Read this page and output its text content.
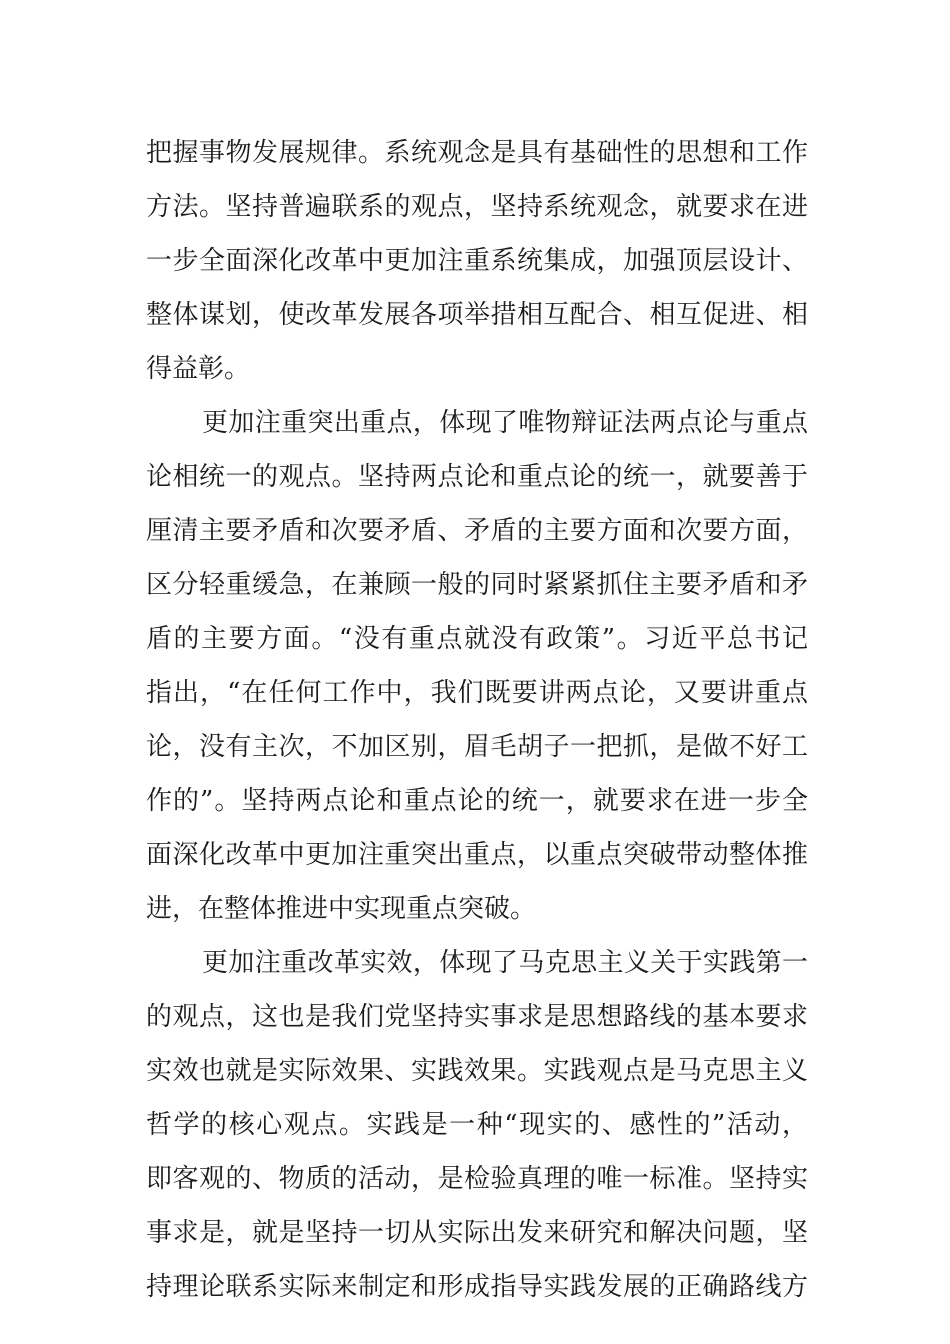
把握事物发展规律。系统观念是具有基础性的思想和工作
方法。坚持普遍联系的观点，坚持系统观念，就要求在进
一步全面深化改革中更加注重系统集成，加强顶层设计、
整体谋划，使改革发展各项举措相互配合、相互促进、相
得益彰。
更加注重突出重点，体现了唯物辩证法两点论与重点
论相统一的观点。坚持两点论和重点论的统一，就要善于
厘清主要矛盾和次要矛盾、矛盾的主要方面和次要方面，
区分轻重缓急，在兼顾一般的同时紧紧抓住主要矛盾和矛
盾的主要方面。“没有重点就没有政策”。习近平总书记
指出，“在任何工作中，我们既要讲两点论，又要讲重点
论，没有主次，不加区别，眉毛胡子一把抓，是做不好工
作的”。坚持两点论和重点论的统一，就要求在进一步全
面深化改革中更加注重突出重点，以重点突破带动整体推
进，在整体推进中实现重点突破。
更加注重改革实效，体现了马克思主义关于实践第一
的观点，这也是我们党坚持实事求是思想路线的基本要求
实效也就是实际效果、实践效果。实践观点是马克思主义
哲学的核心观点。实践是一种“现实的、感性的”活动，
即客观的、物质的活动，是检验真理的唯一标准。坚持实
事求是，就是坚持一切从实际出发来研究和解决问题，坚
持理论联系实际来制定和形成指导实践发展的正确路线方
